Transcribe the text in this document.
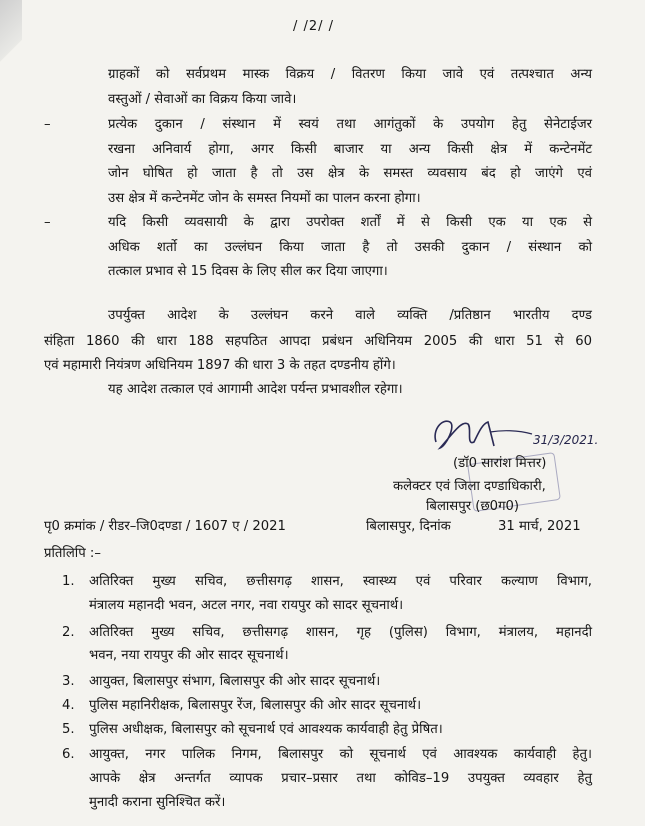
/ /2/ /
ग्राहकों को सर्वप्रथम मास्क विक्रय / वितरण किया जावे एवं तत्पश्चात अन्य
वस्तुओं / सेवाओं का विक्रय किया जावे।
–	प्रत्येक दुकान / संस्थान में स्वयं तथा आगंतुकों के उपयोग हेतु सेनेटाईजर
रखना अनिवार्य होगा, अगर किसी बाजार या अन्य किसी क्षेत्र में कन्टेनमेंट
जोन घोषित हो जाता है तो उस क्षेत्र के समस्त व्यवसाय बंद हो जाएंगे एवं
उस क्षेत्र में कन्टेनमेंट जोन के समस्त नियमों का पालन करना होगा।
–	यदि किसी व्यवसायी के द्वारा उपरोक्त शर्तों में से किसी एक या एक से
अधिक शर्तो का उल्लंघन किया जाता है तो उसकी दुकान / संस्थान को
तत्काल प्रभाव से 15 दिवस के लिए सील कर दिया जाएगा।
उपर्युक्त आदेश के उल्लंघन करने वाले व्यक्ति /प्रतिष्ठान भारतीय दण्ड
संहिता 1860 की धारा 188 सहपठित आपदा प्रबंधन अधिनियम 2005 की धारा 51 से 60
एवं महामारी नियंत्रण अधिनियम 1897 की धारा 3 के तहत दण्डनीय होंगे।
यह आदेश तत्काल एवं आगामी आदेश पर्यन्त प्रभावशील रहेगा।
31/3/2021.
(डॉ0 सारांश मित्तर)
कलेक्टर एवं जिला दण्डाधिकारी,
बिलासपुर (छ0ग0)
पृ0 क्रमांक / रीडर–जि0दण्डा / 1607 ए / 2021	बिलासपुर, दिनांक	31 मार्च, 2021
प्रतिलिपि :–
1. अतिरिक्त मुख्य सचिव, छत्तीसगढ़ शासन, स्वास्थ्य एवं परिवार कल्याण विभाग,
मंत्रालय महानदी भवन, अटल नगर, नवा रायपुर को सादर सूचनार्थ।
2. अतिरिक्त मुख्य सचिव, छत्तीसगढ़ शासन, गृह (पुलिस) विभाग, मंत्रालय, महानदी
भवन, नया रायपुर की ओर सादर सूचनार्थ।
3. आयुक्त, बिलासपुर संभाग, बिलासपुर की ओर सादर सूचनार्थ।
4. पुलिस महानिरीक्षक, बिलासपुर रेंज, बिलासपुर की ओर सादर सूचनार्थ।
5. पुलिस अधीक्षक, बिलासपुर को सूचनार्थ एवं आवश्यक कार्यवाही हेतु प्रेषित।
6. आयुक्त, नगर पालिक निगम, बिलासपुर को सूचनार्थ एवं आवश्यक कार्यवाही हेतु।
आपके क्षेत्र अन्तर्गत व्यापक प्रचार–प्रसार तथा कोविड–19 उपयुक्त व्यवहार हेतु
मुनादी कराना सुनिश्चित करें।
